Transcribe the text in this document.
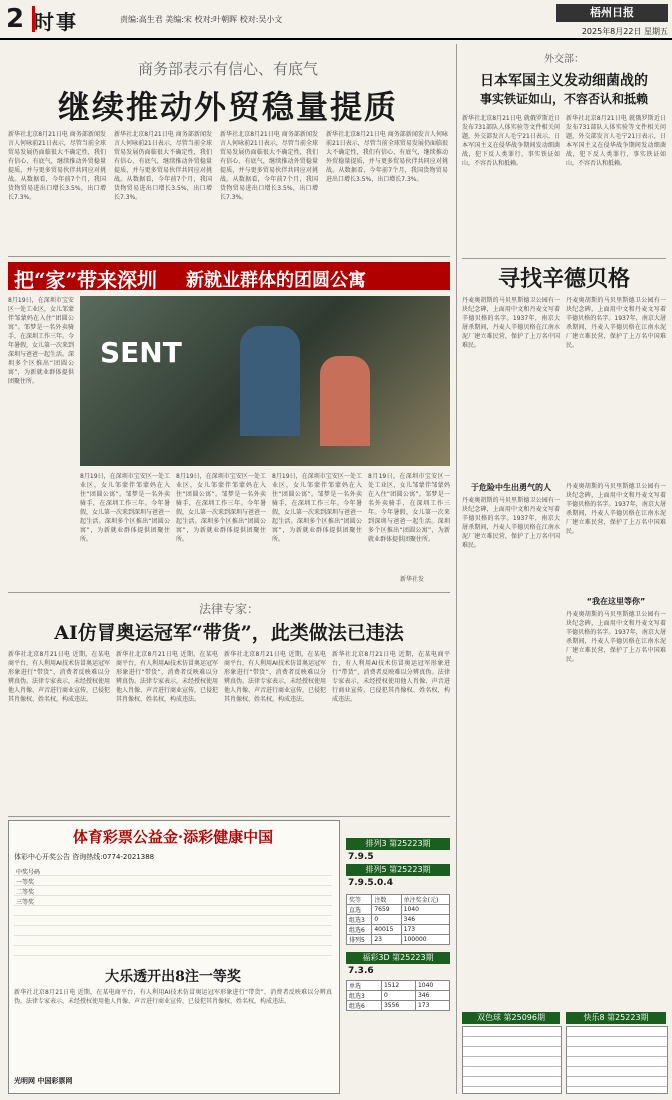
2 时事	责编:高生君 美编:宋 校对:叶朝晖 校对:吴小文
梧州日报
2025年8月22日 星期五
商务部表示有信心、有底气
继续推动外贸稳量提质
新华社北京8月21日电 商务部新闻发言人何咏前21日表示，尽管当前全球贸易发展仍面临很大不确定性，我们有信心、有底气，继续推动外贸稳量提质，并与更多贸易伙伴共同应对挑战。从数据看，今年前7个月，我国货物贸易进出口增长3.5%，出口增长7.3%。
新华社北京8月21日电 商务部新闻发言人何咏前21日表示，尽管当前全球贸易发展仍面临很大不确定性，我们有信心、有底气，继续推动外贸稳量提质，并与更多贸易伙伴共同应对挑战。从数据看，今年前7个月，我国货物贸易进出口增长3.5%，出口增长7.3%。
新华社北京8月21日电 商务部新闻发言人何咏前21日表示，尽管当前全球贸易发展仍面临很大不确定性，我们有信心、有底气，继续推动外贸稳量提质，并与更多贸易伙伴共同应对挑战。从数据看，今年前7个月，我国货物贸易进出口增长3.5%，出口增长7.3%。
新华社北京8月21日电 商务部新闻发言人何咏前21日表示，尽管当前全球贸易发展仍面临很大不确定性，我们有信心、有底气，继续推动外贸稳量提质，并与更多贸易伙伴共同应对挑战。从数据看，今年前7个月，我国货物贸易进出口增长3.5%，出口增长7.3%。
把“家”带来深圳 新就业群体的团圆公寓
8月19日，在深圳市宝安区一处工业区，女儿邹蒙伴邹蒙妈在入住“团圆公寓”。邹梦是一名外卖骑手，在深圳工作三年。今年暑假，女儿第一次来到深圳与爸爸一起生活。深圳多个区推出“团圆公寓”，为新就业群体提供团聚住所。
SENT
8月19日，在深圳市宝安区一处工业区，女儿邹蒙伴邹蒙妈在入住“团圆公寓”。邹梦是一名外卖骑手，在深圳工作三年。今年暑假，女儿第一次来到深圳与爸爸一起生活。深圳多个区推出“团圆公寓”，为新就业群体提供团聚住所。
8月19日，在深圳市宝安区一处工业区，女儿邹蒙伴邹蒙妈在入住“团圆公寓”。邹梦是一名外卖骑手，在深圳工作三年。今年暑假，女儿第一次来到深圳与爸爸一起生活。深圳多个区推出“团圆公寓”，为新就业群体提供团聚住所。
8月19日，在深圳市宝安区一处工业区，女儿邹蒙伴邹蒙妈在入住“团圆公寓”。邹梦是一名外卖骑手，在深圳工作三年。今年暑假，女儿第一次来到深圳与爸爸一起生活。深圳多个区推出“团圆公寓”，为新就业群体提供团聚住所。
8月19日，在深圳市宝安区一处工业区，女儿邹蒙伴邹蒙妈在入住“团圆公寓”。邹梦是一名外卖骑手，在深圳工作三年。今年暑假，女儿第一次来到深圳与爸爸一起生活。深圳多个区推出“团圆公寓”，为新就业群体提供团聚住所。
新华社发
法律专家：
AI仿冒奥运冠军“带货”，此类做法已违法
新华社北京8月21日电 近期，在某电商平台，有人利用AI技术仿冒奥运冠军形象进行“带货”，消费者反映难以分辨真伪。法律专家表示，未经授权使用他人肖像、声音进行商业宣传，已侵犯其肖像权、姓名权，构成违法。
新华社北京8月21日电 近期，在某电商平台，有人利用AI技术仿冒奥运冠军形象进行“带货”，消费者反映难以分辨真伪。法律专家表示，未经授权使用他人肖像、声音进行商业宣传，已侵犯其肖像权、姓名权，构成违法。
新华社北京8月21日电 近期，在某电商平台，有人利用AI技术仿冒奥运冠军形象进行“带货”，消费者反映难以分辨真伪。法律专家表示，未经授权使用他人肖像、声音进行商业宣传，已侵犯其肖像权、姓名权，构成违法。
新华社北京8月21日电 近期，在某电商平台，有人利用AI技术仿冒奥运冠军形象进行“带货”，消费者反映难以分辨真伪。法律专家表示，未经授权使用他人肖像、声音进行商业宣传，已侵犯其肖像权、姓名权，构成违法。
体育彩票公益金·添彩健康中国
体彩中心开奖公告 咨询热线:0774-2021388
中奖号码
一等奖
二等奖
三等奖
大乐透开出8注一等奖
新华社北京8月21日电 近期，在某电商平台，有人利用AI技术仿冒奥运冠军形象进行“带货”，消费者反映难以分辨真伪。法律专家表示，未经授权使用他人肖像、声音进行商业宣传，已侵犯其肖像权、姓名权，构成违法。
光明网 中国彩票网
排列3 第25223期
7.9.5
排列5 第25223期
7.9.5.0.4
奖等	注数	单注奖金(元)
直选	7659	1040
组选3	0	346
组选6	40015	173
排列5	23	100000
福彩3D 第25223期
7.3.6
单选	1512	1040
组选3	0	346
组选6	3556	173
外交部：
日本军国主义发动细菌战的
事实铁证如山，不容否认和抵赖
新华社北京8月21日电 就俄罗斯近日发布731部队人体实验等文件相关问题，外交部发言人毛宁21日表示，日本军国主义在侵华战争期间发动细菌战，犯下反人类罪行，事实铁证如山，不容否认和抵赖。
新华社北京8月21日电 就俄罗斯近日发布731部队人体实验等文件相关问题，外交部发言人毛宁21日表示，日本军国主义在侵华战争期间发动细菌战，犯下反人类罪行，事实铁证如山，不容否认和抵赖。
寻找辛德贝格
丹麦奥胡斯的马贝里斯德卫公园有一块纪念碑，上面用中文和丹麦文写着辛德贝格的名字。1937年，南京大屠杀期间，丹麦人辛德贝格在江南水泥厂建立难民营，保护了上万名中国难民。
丹麦奥胡斯的马贝里斯德卫公园有一块纪念碑，上面用中文和丹麦文写着辛德贝格的名字。1937年，南京大屠杀期间，丹麦人辛德贝格在江南水泥厂建立难民营，保护了上万名中国难民。
于危险中生出勇气的人
丹麦奥胡斯的马贝里斯德卫公园有一块纪念碑，上面用中文和丹麦文写着辛德贝格的名字。1937年，南京大屠杀期间，丹麦人辛德贝格在江南水泥厂建立难民营，保护了上万名中国难民。
“我在这里等你”
丹麦奥胡斯的马贝里斯德卫公园有一块纪念碑，上面用中文和丹麦文写着辛德贝格的名字。1937年，南京大屠杀期间，丹麦人辛德贝格在江南水泥厂建立难民营，保护了上万名中国难民。
丹麦奥胡斯的马贝里斯德卫公园有一块纪念碑，上面用中文和丹麦文写着辛德贝格的名字。1937年，南京大屠杀期间，丹麦人辛德贝格在江南水泥厂建立难民营，保护了上万名中国难民。
双色球 第25096期	快乐8 第25223期
